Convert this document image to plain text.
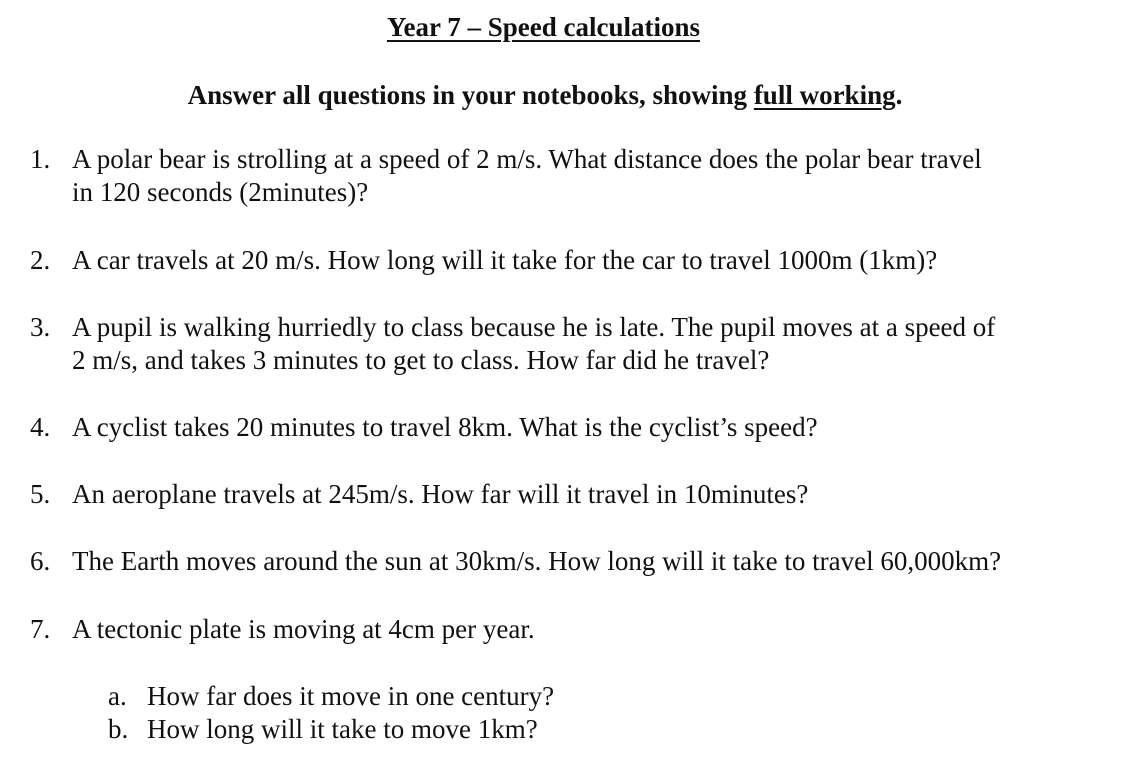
Year 7 – Speed calculations
Answer all questions in your notebooks, showing full working.
1. A polar bear is strolling at a speed of 2 m/s. What distance does the polar bear travel
in 120 seconds (2minutes)?
2. A car travels at 20 m/s. How long will it take for the car to travel 1000m (1km)?
3. A pupil is walking hurriedly to class because he is late. The pupil moves at a speed of
2 m/s, and takes 3 minutes to get to class. How far did he travel?
4. A cyclist takes 20 minutes to travel 8km. What is the cyclist’s speed?
5. An aeroplane travels at 245m/s. How far will it travel in 10minutes?
6. The Earth moves around the sun at 30km/s. How long will it take to travel 60,000km?
7. A tectonic plate is moving at 4cm per year.
a. How far does it move in one century?
b. How long will it take to move 1km?
